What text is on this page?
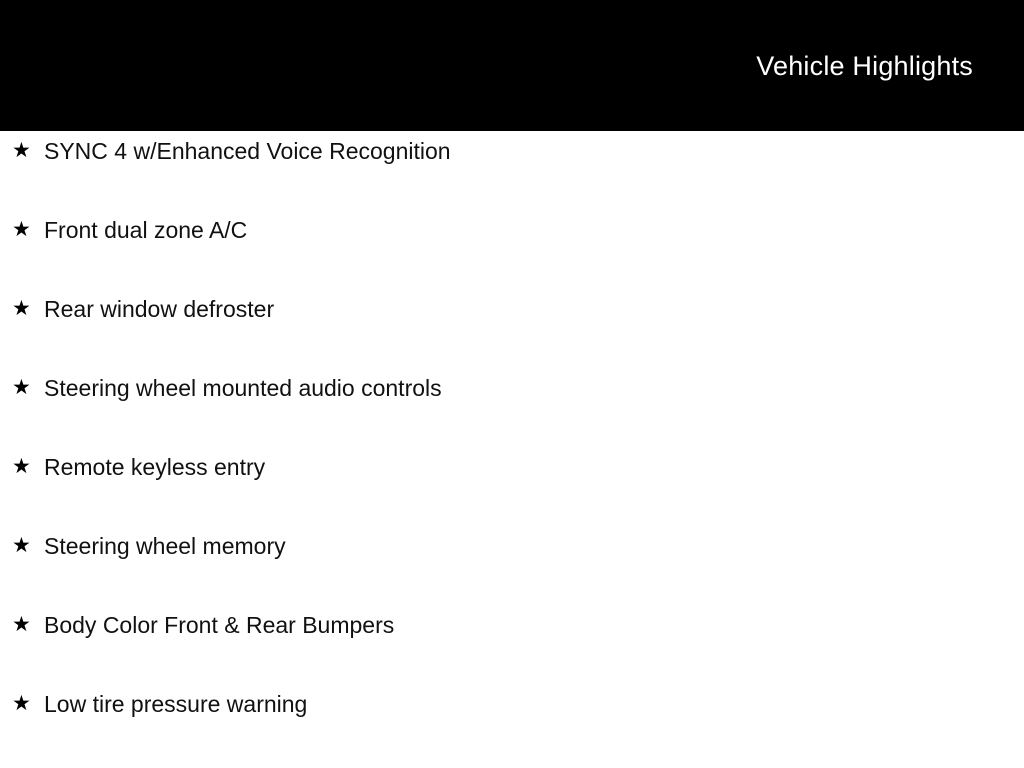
Vehicle Highlights
★ SYNC 4 w/Enhanced Voice Recognition
★ Front dual zone A/C
★ Rear window defroster
★ Steering wheel mounted audio controls
★ Remote keyless entry
★ Steering wheel memory
★ Body Color Front & Rear Bumpers
★ Low tire pressure warning
